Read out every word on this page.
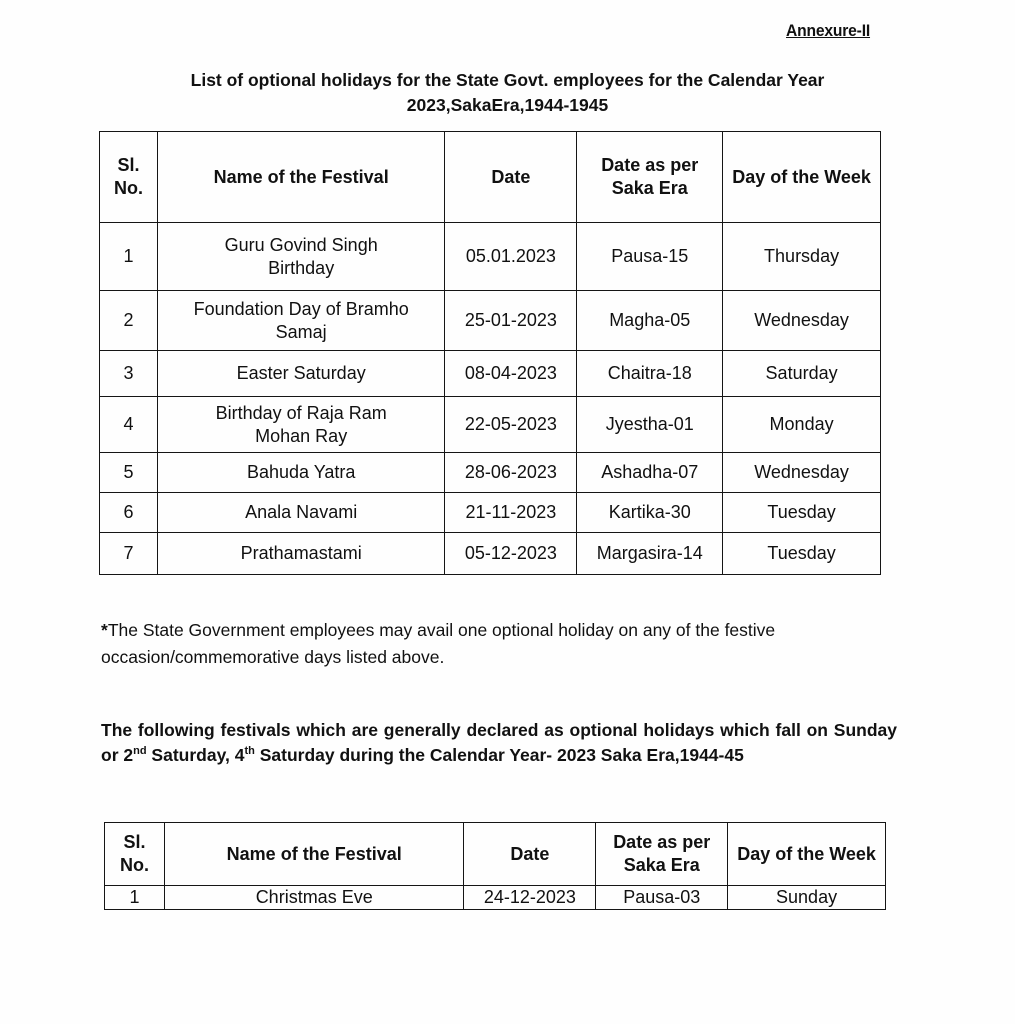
Annexure-II
List of optional holidays for the State Govt. employees for the Calendar Year
2023,SakaEra,1944-1945
Sl. No.	Name of the Festival	Date	Date as per Saka Era	Day of the Week
1	Guru Govind Singh Birthday	05.01.2023	Pausa-15	Thursday
2	Foundation Day of Bramho Samaj	25-01-2023	Magha-05	Wednesday
3	Easter Saturday	08-04-2023	Chaitra-18	Saturday
4	Birthday of Raja Ram Mohan Ray	22-05-2023	Jyestha-01	Monday
5	Bahuda Yatra	28-06-2023	Ashadha-07	Wednesday
6	Anala Navami	21-11-2023	Kartika-30	Tuesday
7	Prathamastami	05-12-2023	Margasira-14	Tuesday
*The State Government employees may avail one optional holiday on any of the festive occasion/commemorative days listed above.
The following festivals which are generally declared as optional holidays which fall on Sunday or 2nd Saturday, 4th Saturday during the Calendar Year- 2023 Saka Era,1944-45
Sl. No.	Name of the Festival	Date	Date as per Saka Era	Day of the Week
1	Christmas Eve	24-12-2023	Pausa-03	Sunday
